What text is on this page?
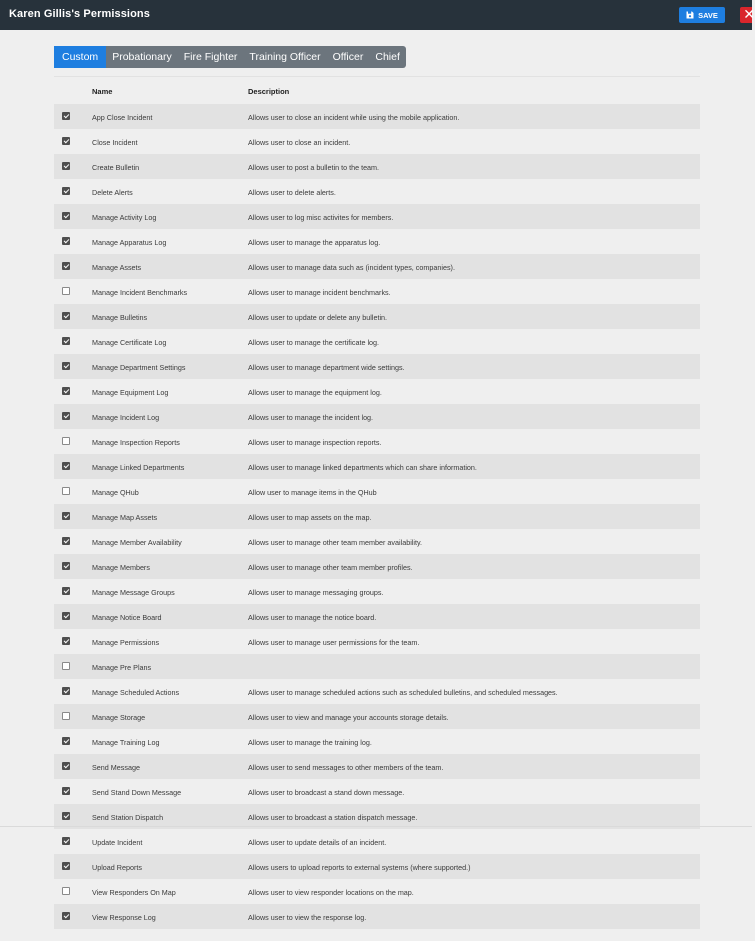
Karen Gillis's Permissions	SAVE ✕
Custom	Probationary	Fire Fighter	Training Officer	Officer	Chief
Name	Description
App Close Incident	Allows user to close an incident while using the mobile application.
Close Incident	Allows user to close an incident.
Create Bulletin	Allows user to post a bulletin to the team.
Delete Alerts	Allows user to delete alerts.
Manage Activity Log	Allows user to log misc activites for members.
Manage Apparatus Log	Allows user to manage the apparatus log.
Manage Assets	Allows user to manage data such as (incident types, companies).
Manage Incident Benchmarks	Allows user to manage incident benchmarks.
Manage Bulletins	Allows user to update or delete any bulletin.
Manage Certificate Log	Allows user to manage the certificate log.
Manage Department Settings	Allows user to manage department wide settings.
Manage Equipment Log	Allows user to manage the equipment log.
Manage Incident Log	Allows user to manage the incident log.
Manage Inspection Reports	Allows user to manage inspection reports.
Manage Linked Departments	Allows user to manage linked departments which can share information.
Manage QHub	Allow user to manage items in the QHub
Manage Map Assets	Allows user to map assets on the map.
Manage Member Availability	Allows user to manage other team member availability.
Manage Members	Allows user to manage other team member profiles.
Manage Message Groups	Allows user to manage messaging groups.
Manage Notice Board	Allows user to manage the notice board.
Manage Permissions	Allows user to manage user permissions for the team.
Manage Pre Plans
Manage Scheduled Actions	Allows user to manage scheduled actions such as scheduled bulletins, and scheduled messages.
Manage Storage	Allows user to view and manage your accounts storage details.
Manage Training Log	Allows user to manage the training log.
Send Message	Allows user to send messages to other members of the team.
Send Stand Down Message	Allows user to broadcast a stand down message.
Send Station Dispatch	Allows user to broadcast a station dispatch message.
Update Incident	Allows user to update details of an incident.
Upload Reports	Allows users to upload reports to external systems (where supported.)
View Responders On Map	Allows user to view responder locations on the map.
View Response Log	Allows user to view the response log.
